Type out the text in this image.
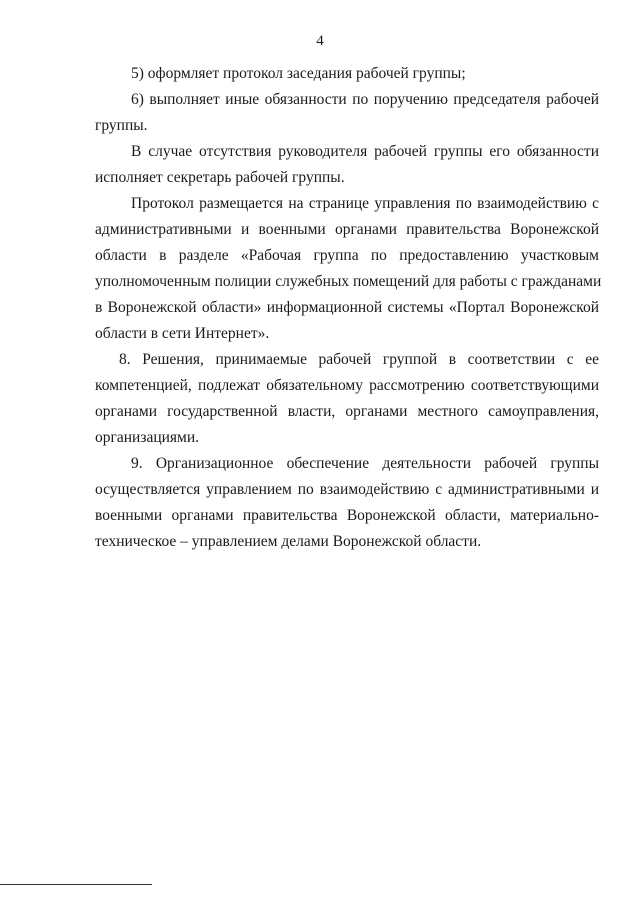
4
5) оформляет протокол заседания рабочей группы;
6) выполняет иные обязанности по поручению председателя рабочей
группы.
В случае отсутствия руководителя рабочей группы его обязанности
исполняет секретарь рабочей группы.
Протокол размещается на странице управления по взаимодействию с
административными и военными органами правительства Воронежской
области в разделе «Рабочая группа по предоставлению участковым
уполномоченным полиции служебных помещений для работы с гражданами
в Воронежской области» информационной системы «Портал Воронежской
области в сети Интернет».
8. Решения, принимаемые рабочей группой в соответствии с ее
компетенцией, подлежат обязательному рассмотрению соответствующими
органами государственной власти, органами местного самоуправления,
организациями.
9. Организационное обеспечение деятельности рабочей группы
осуществляется управлением по взаимодействию с административными и
военными органами правительства Воронежской области, материально-
техническое – управлением делами Воронежской области.
